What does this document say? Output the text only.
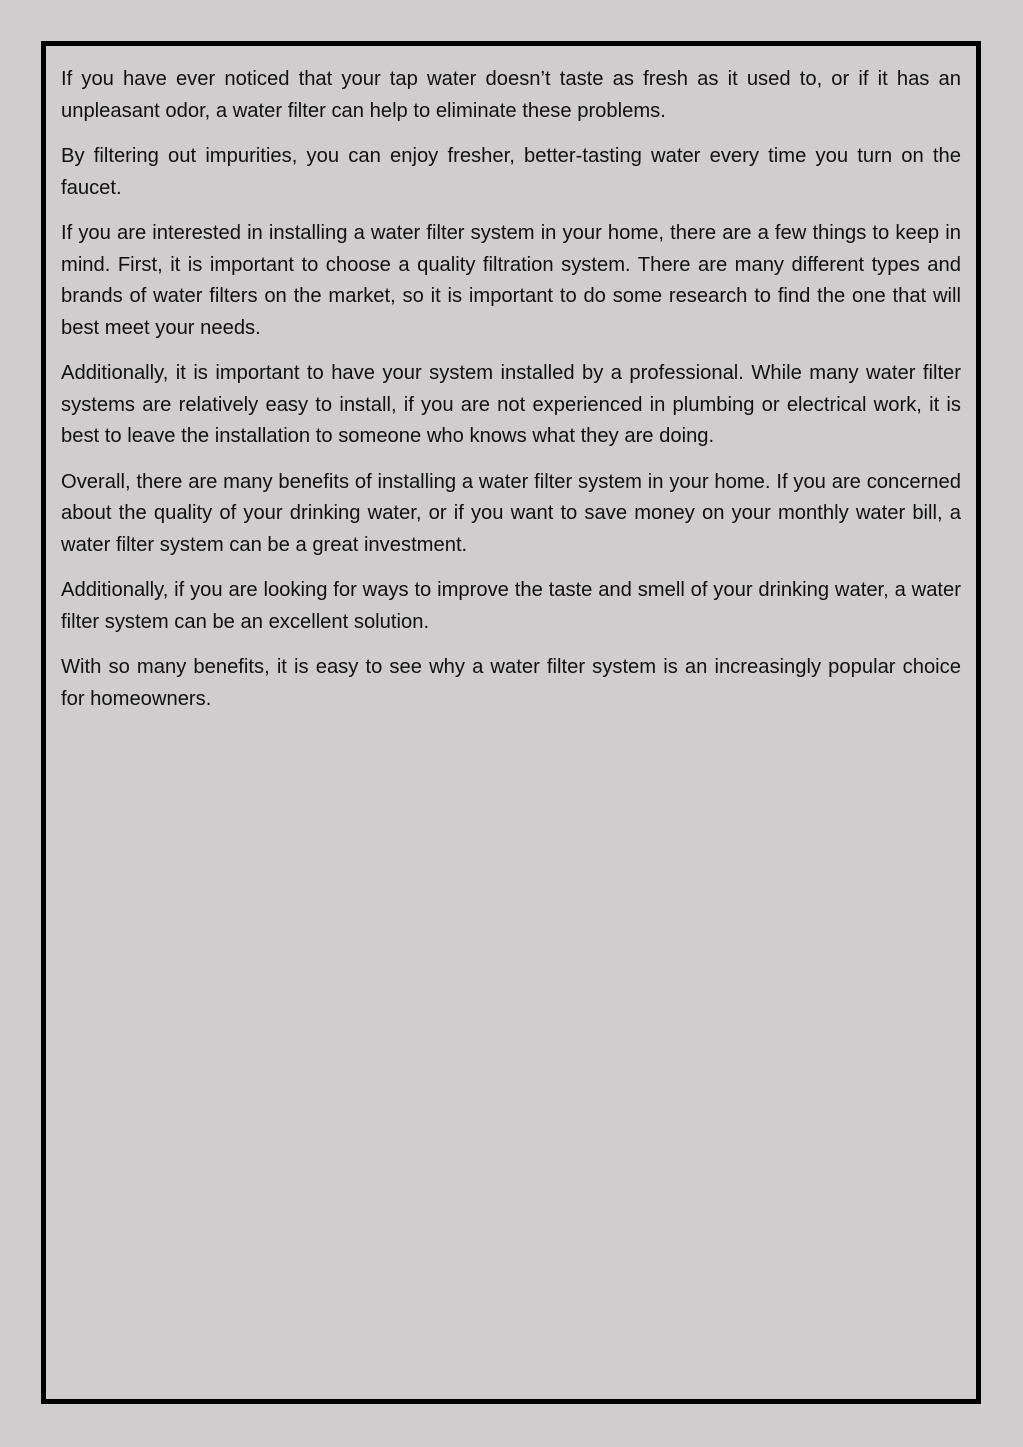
If you have ever noticed that your tap water doesn’t taste as fresh as it used to, or if it has an unpleasant odor, a water filter can help to eliminate these problems.

By filtering out impurities, you can enjoy fresher, better-tasting water every time you turn on the faucet.

If you are interested in installing a water filter system in your home, there are a few things to keep in mind. First, it is important to choose a quality filtration system. There are many different types and brands of water filters on the market, so it is important to do some research to find the one that will best meet your needs.

Additionally, it is important to have your system installed by a professional. While many water filter systems are relatively easy to install, if you are not experienced in plumbing or electrical work, it is best to leave the installation to someone who knows what they are doing.

Overall, there are many benefits of installing a water filter system in your home. If you are concerned about the quality of your drinking water, or if you want to save money on your monthly water bill, a water filter system can be a great investment.

Additionally, if you are looking for ways to improve the taste and smell of your drinking water, a water filter system can be an excellent solution.

With so many benefits, it is easy to see why a water filter system is an increasingly popular choice for homeowners.
